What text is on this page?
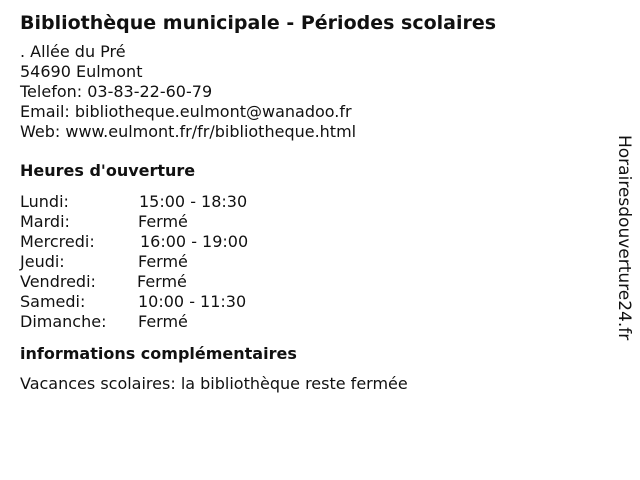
Bibliothèque municipale - Périodes scolaires
. Allée du Pré
54690 Eulmont
Telefon: 03-83-22-60-79
Email: bibliotheque.eulmont@wanadoo.fr
Web: www.eulmont.fr/fr/bibliotheque.html
Heures d'ouverture
Lundi:	15:00 - 18:30
Mardi:	Fermé
Mercredi:	16:00 - 19:00
Jeudi:	Fermé
Vendredi:	Fermé
Samedi:	10:00 - 11:30
Dimanche: Fermé
informations complémentaires
Vacances scolaires: la bibliothèque reste fermée
Horairesdouverture24.fr
